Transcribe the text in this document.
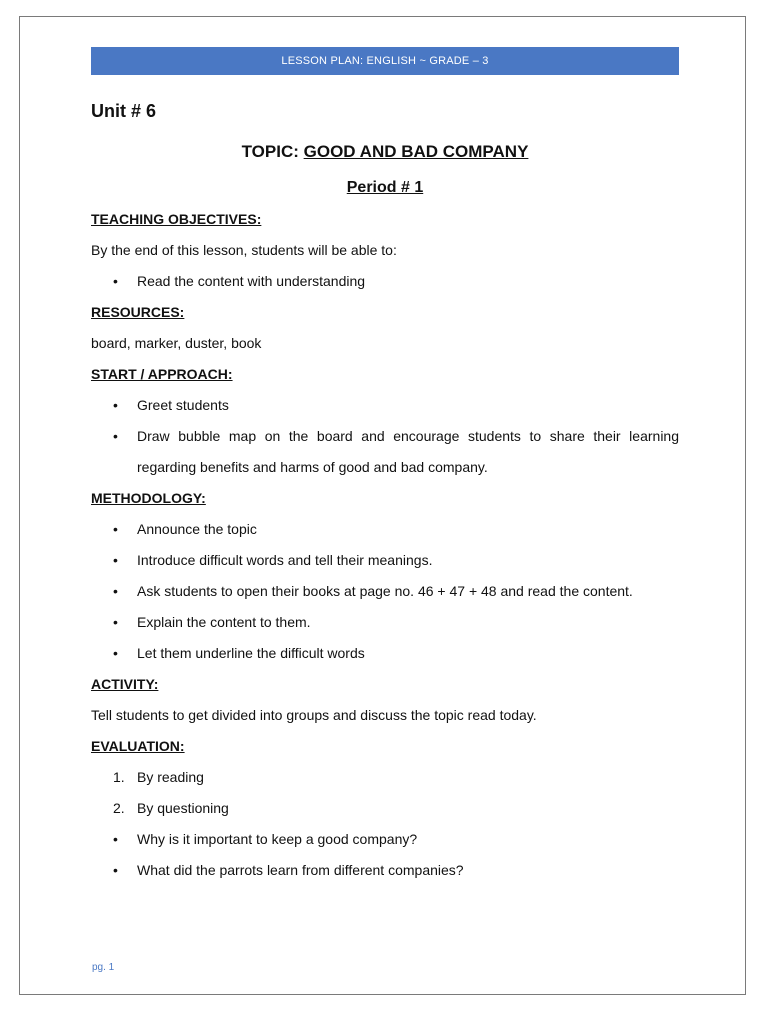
LESSON PLAN: ENGLISH ~ GRADE – 3
Unit # 6
TOPIC: GOOD AND BAD COMPANY
Period # 1
TEACHING OBJECTIVES:
By the end of this lesson, students will be able to:
•	Read the content with understanding
RESOURCES:
board, marker, duster, book
START / APPROACH:
•	Greet students
•	Draw bubble map on the board and encourage students to share their learning regarding benefits and harms of good and bad company.
METHODOLOGY:
•	Announce the topic
•	Introduce difficult words and tell their meanings.
•	Ask students to open their books at page no. 46 + 47 + 48 and read the content.
•	Explain the content to them.
•	Let them underline the difficult words
ACTIVITY:
Tell students to get divided into groups and discuss the topic read today.
EVALUATION:
1. By reading
2. By questioning
•	Why is it important to keep a good company?
•	What did the parrots learn from different companies?
pg. 1
